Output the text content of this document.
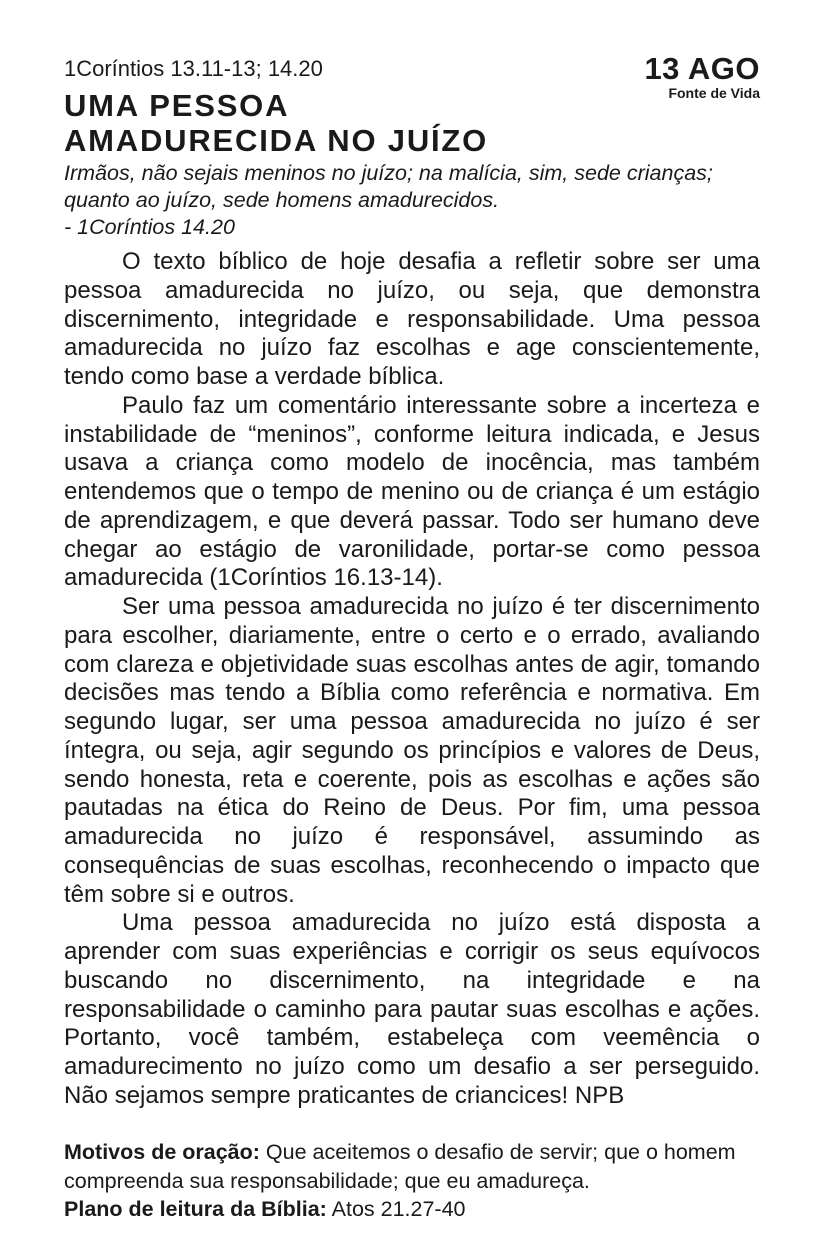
1Coríntios 13.11-13; 14.20	13 AGO
Fonte de Vida
UMA PESSOA
AMADURECIDA NO JUÍZO
Irmãos, não sejais meninos no juízo; na malícia, sim, sede crianças; quanto ao juízo, sede homens amadurecidos.
- 1Coríntios 14.20

O texto bíblico de hoje desafia a refletir sobre ser uma pessoa amadurecida no juízo, ou seja, que demonstra discernimento, integridade e responsabilidade. Uma pessoa amadurecida no juízo faz escolhas e age conscientemente, tendo como base a verdade bíblica.

Paulo faz um comentário interessante sobre a incerteza e instabilidade de “meninos”, conforme leitura indicada, e Jesus usava a criança como modelo de inocência, mas também entendemos que o tempo de menino ou de criança é um estágio de aprendizagem, e que deverá passar. Todo ser humano deve chegar ao estágio de varonilidade, portar-se como pessoa amadurecida (1Coríntios 16.13-14).

Ser uma pessoa amadurecida no juízo é ter discernimento para escolher, diariamente, entre o certo e o errado, avaliando com clareza e objetividade suas escolhas antes de agir, tomando decisões mas tendo a Bíblia como referência e normativa. Em segundo lugar, ser uma pessoa amadurecida no juízo é ser íntegra, ou seja, agir segundo os princípios e valores de Deus, sendo honesta, reta e coerente, pois as escolhas e ações são pautadas na ética do Reino de Deus. Por fim, uma pessoa amadurecida no juízo é responsável, assumindo as consequências de suas escolhas, reconhecendo o impacto que têm sobre si e outros.

Uma pessoa amadurecida no juízo está disposta a aprender com suas experiências e corrigir os seus equívocos buscando no discernimento, na integridade e na responsabilidade o caminho para pautar suas escolhas e ações. Portanto, você também, estabeleça com veemência o amadurecimento no juízo como um desafio a ser perseguido. Não sejamos sempre praticantes de criancices! NPB

Motivos de oração: Que aceitemos o desafio de servir; que o homem compreenda sua responsabilidade; que eu amadureça.

Plano de leitura da Bíblia: Atos 21.27-40
